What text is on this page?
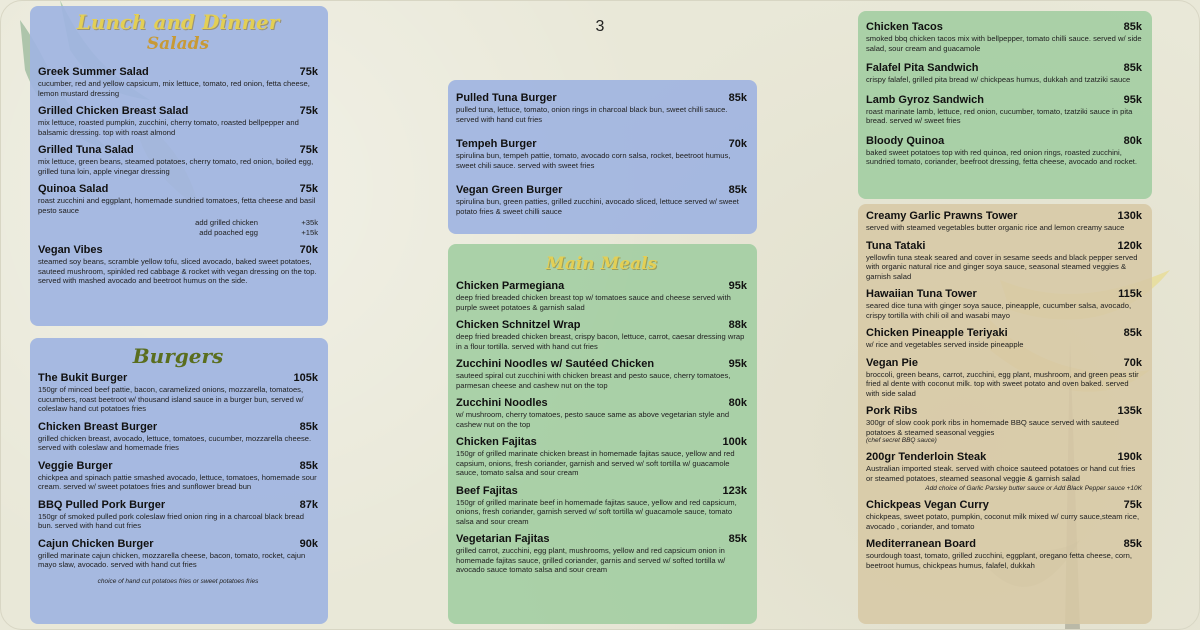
3
Lunch and Dinner
Salads
Greek Summer Salad	75k
cucumber, red and yellow capsicum, mix lettuce, tomato, red onion, fetta cheese, lemon mustard dressing
Grilled Chicken Breast Salad	75k
mix lettuce, roasted pumpkin, zucchini, cherry tomato, roasted bellpepper and balsamic dressing. top with roast almond
Grilled Tuna Salad	75k
mix lettuce, green beans, steamed potatoes, cherry tomato, red onion, boiled egg, grilled tuna loin, apple vinegar dressing
Quinoa Salad	75k
roast zucchini and eggplant, homemade sundried tomatoes, fetta cheese and basil pesto sauce
add grilled chicken	+35k
add poached egg	+15k
Vegan Vibes	70k
steamed soy beans, scramble yellow tofu, sliced avocado, baked sweet potatoes, sauteed mushroom, spinkled red cabbage & rocket with vegan dressing on the top. served with mashed avocado and beetroot humus on the side.
Burgers
The Bukit Burger	105k
150gr of minced beef pattie, bacon, caramelized onions, mozzarella, tomatoes, cucumbers, roast beetroot w/ thousand island sauce in a burger bun, served w/ coleslaw hand cut potatoes fries
Chicken Breast Burger	85k
grilled chicken breast, avocado, lettuce, tomatoes, cucumber, mozzarella cheese. served with coleslaw and homemade fries
Veggie Burger	85k
chickpea and spinach pattie smashed avocado, lettuce, tomatoes, homemade sour cream. served w/ sweet potatoes fries and sunflower bread bun
BBQ Pulled Pork Burger	87k
150gr of smoked pulled pork coleslaw fried onion ring in a charcoal black bread bun. served with hand cut fries
Cajun Chicken Burger	90k
grilled marinate cajun chicken, mozzarella cheese, bacon, tomato, rocket, cajun mayo slaw, avocado. served with hand cut fries
choice of hand cut potatoes fries or sweet potatoes fries
Pulled Tuna Burger	85k
pulled tuna, lettuce, tomato, onion rings in charcoal black bun, sweet chilli sauce. served with hand cut fries
Tempeh Burger	70k
spirulina bun, tempeh pattie, tomato, avocado corn salsa, rocket, beetroot humus, sweet chili sauce. served with sweet fries
Vegan Green Burger	85k
spirulina bun, green patties, grilled zucchini, avocado sliced, lettuce served w/ sweet potato fries & sweet chilli sauce
Main Meals
Chicken Parmegiana	95k
deep fried breaded chicken breast top w/ tomatoes sauce and cheese served with purple sweet potatoes & garnish salad
Chicken Schnitzel Wrap	88k
deep fried breaded chicken breast, crispy bacon, lettuce, carrot, caesar dressing wrap in a flour tortilla. served with hand cut fries
Zucchini Noodles w/ Sautéed Chicken	95k
sauteed spiral cut zucchini with chicken breast and pesto sauce, cherry tomatoes, parmesan cheese and cashew nut on the top
Zucchini Noodles	80k
w/ mushroom, cherry tomatoes, pesto sauce same as above vegetarian style and cashew nut on the top
Chicken Fajitas	100k
150gr of grilled marinate chicken breast in homemade fajitas sauce, yellow and red capsium, onions, fresh coriander, garnish and served w/ soft tortilla w/ guacamole sauce, tomato salsa and sour cream
Beef Fajitas	123k
150gr of grilled marinate beef in homemade fajitas sauce, yellow and red capsicum, onions, fresh coriander, garnish served w/ soft tortilla w/ guacamole sauce, tomato salsa and sour cream
Vegetarian Fajitas	85k
grilled carrot, zucchini, egg plant, mushrooms, yellow and red capsicum onion in homemade fajitas sauce, grilled coriander, garnis and served w/ softed tortilla w/ avocado sauce tomato salsa and sour cream
Chicken Tacos	85k
smoked bbq chicken tacos mix with bellpepper, tomato chilli sauce. served w/ side salad, sour cream and guacamole
Falafel Pita Sandwich	85k
crispy falafel, grilled pita bread w/ chickpeas humus, dukkah and tzatziki sauce
Lamb Gyroz Sandwich	95k
roast marinate lamb, lettuce, red onion, cucumber, tomato, tzatziki sauce in pita bread. served w/ sweet fries
Bloody Quinoa	80k
baked sweet potatoes top with red quinoa, red onion rings, roasted zucchini, sundried tomato, coriander, beefroot dressing, fetta cheese, avocado and rocket.
Creamy Garlic Prawns Tower	130k
served with steamed vegetables butter organic rice and lemon creamy sauce
Tuna Tataki	120k
yellowfin tuna steak seared and cover in sesame seeds and black pepper served with organic natural rice and ginger soya sauce, seasonal steamed veggies & garnish salad
Hawaiian Tuna Tower	115k
seared dice tuna with ginger soya sauce, pineapple, cucumber salsa, avocado, crispy tortilla with chili oil and wasabi mayo
Chicken Pineapple Teriyaki	85k
w/ rice and vegetables served inside pineapple
Vegan Pie	70k
broccoli, green beans, carrot, zucchini, egg plant, mushroom, and green peas stir fried al dente with coconut milk. top with sweet potato and oven baked. served with side salad
Pork Ribs	135k
300gr of slow cook pork ribs in homemade BBQ sauce served with sauteed potatoes & steamed seasonal veggies
(chef secret BBQ sauce)
200gr Tenderloin Steak	190k
Australian imported steak. served with choice sauteed potatoes or hand cut fries or steamed potatoes, steamed seasonal veggie & garnish salad
Add choice of Garlic Parsley butter sauce or Add Black Pepper sauce +10K
Chickpeas Vegan Curry	75k
chickpeas, sweet potato, pumpkin, coconut milk mixed w/ curry sauce,steam rice, avocado , coriander, and tomato
Mediterranean Board	85k
sourdough toast, tomato, grilled zucchini, eggplant, oregano fetta cheese, corn, beetroot humus, chickpeas humus, falafel, dukkah
